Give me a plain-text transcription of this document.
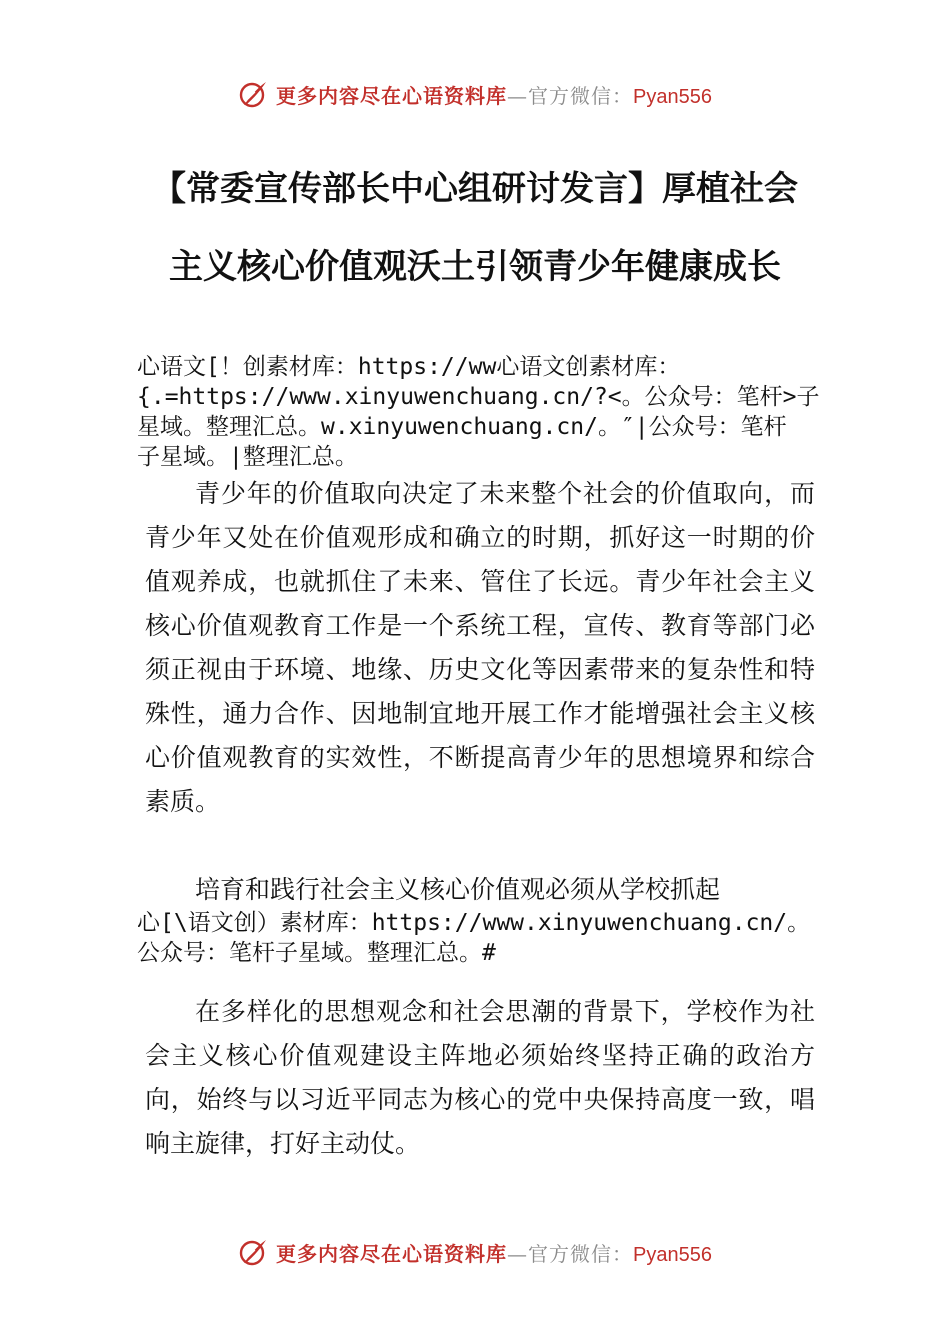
更多内容尽在心语资料库—官方微信：Pyan556
【常委宣传部长中心组研讨发言】厚植社会
主义核心价值观沃土引领青少年健康成长
心语文[！创素材库：https://ww心语文创素材库：
{.=https://www.xinyuwenchuang.cn/?<。公众号：笔杆>子
星域。整理汇总。w.xinyuwenchuang.cn/。″|公众号：笔杆
子星域。|整理汇总。

青少年的价值取向决定了未来整个社会的价值取向，而青少年又处在价值观形成和确立的时期，抓好这一时期的价值观养成，也就抓住了未来、管住了长远。青少年社会主义核心价值观教育工作是一个系统工程，宣传、教育等部门必须正视由于环境、地缘、历史文化等因素带来的复杂性和特殊性，通力合作、因地制宜地开展工作才能增强社会主义核心价值观教育的实效性，不断提高青少年的思想境界和综合素质。

培育和践行社会主义核心价值观必须从学校抓起

心[\语文创）素材库：https://www.xinyuwenchuang.cn/。
公众号：笔杆子星域。整理汇总。#

在多样化的思想观念和社会思潮的背景下，学校作为社会主义核心价值观建设主阵地必须始终坚持正确的政治方向，始终与以习近平同志为核心的党中央保持高度一致，唱响主旋律，打好主动仗。

更多内容尽在心语资料库—官方微信：Pyan556
